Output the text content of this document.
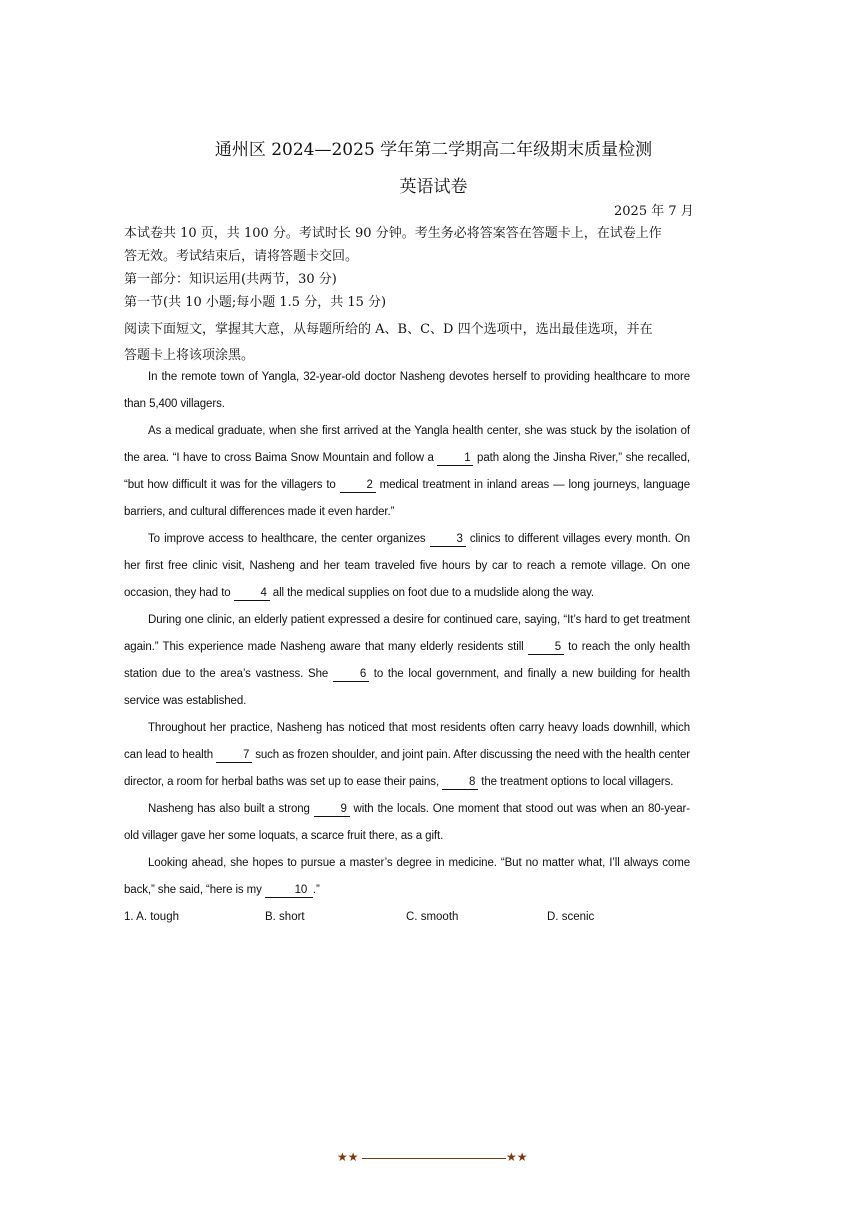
通州区 2024—2025 学年第二学期高二年级期末质量检测
英语试卷
2025 年 7 月
本试卷共 10 页，共 100 分。考试时长 90 分钟。考生务必将答案答在答题卡上，在试卷上作
答无效。考试结束后，请将答题卡交回。
第一部分：知识运用(共两节，30 分)
第一节(共 10 小题;每小题 1.5 分，共 15 分)
阅读下面短文，掌握其大意，从每题所给的 A、B、C、D 四个选项中，选出最佳选项，并在
答题卡上将该项涂黑。

In the remote town of Yangla, 32-year-old doctor Nasheng devotes herself to providing healthcare to more than 5,400 villagers.

As a medical graduate, when she first arrived at the Yangla health center, she was stuck by the isolation of the area. “I have to cross Baima Snow Mountain and follow a 1 path along the Jinsha River,” she recalled, “but how difficult it was for the villagers to 2 medical treatment in inland areas — long journeys, language barriers, and cultural differences made it even harder.”

To improve access to healthcare, the center organizes 3 clinics to different villages every month. On her first free clinic visit, Nasheng and her team traveled five hours by car to reach a remote village. On one occasion, they had to 4 all the medical supplies on foot due to a mudslide along the way.

During one clinic, an elderly patient expressed a desire for continued care, saying, “It’s hard to get treatment again.” This experience made Nasheng aware that many elderly residents still 5 to reach the only health station due to the area’s vastness. She 6 to the local government, and finally a new building for health service was established.

Throughout her practice, Nasheng has noticed that most residents often carry heavy loads downhill, which can lead to health 7 such as frozen shoulder, and joint pain. After discussing the need with the health center director, a room for herbal baths was set up to ease their pains, 8 the treatment options to local villagers.

Nasheng has also built a strong 9 with the locals. One moment that stood out was when an 80-year-old villager gave her some loquats, a scarce fruit there, as a gift.

Looking ahead, she hopes to pursue a master’s degree in medicine. “But no matter what, I’ll always come back,” she said, “here is my	10 .”

1. A. tough	B. short	C. smooth	D. scenic
★★	★★
